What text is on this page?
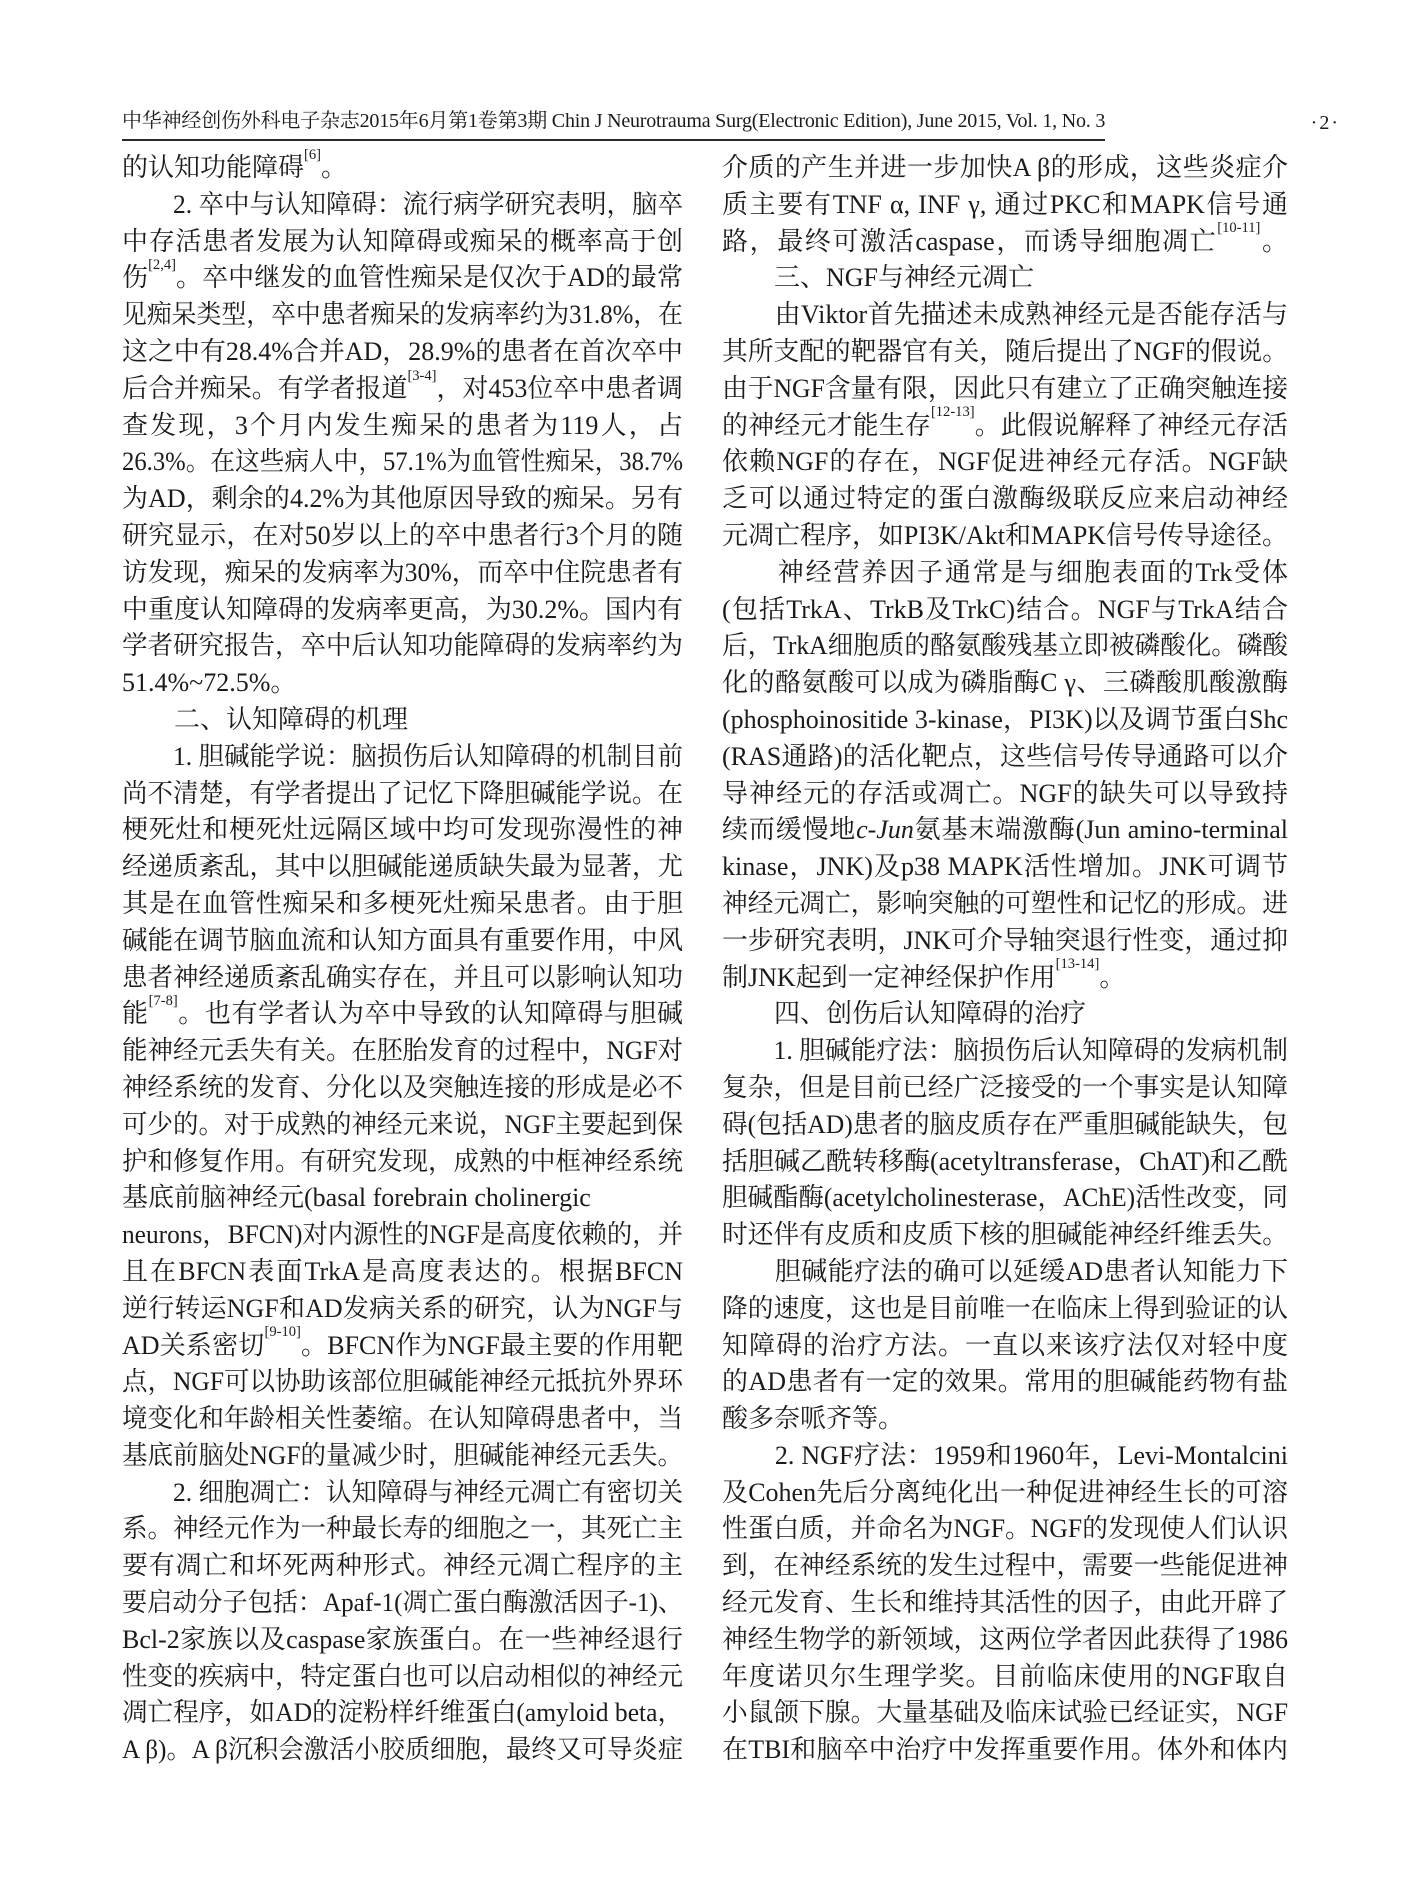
中华神经创伤外科电子杂志2015年6月第1卷第3期 Chin J Neurotrauma Surg(Electronic Edition), June 2015, Vol. 1, No. 3	·2·
的认知功能障碍[6]。
　　2. 卒中与认知障碍：流行病学研究表明，脑卒
中存活患者发展为认知障碍或痴呆的概率高于创
伤[2,4]。卒中继发的血管性痴呆是仅次于AD的最常
见痴呆类型，卒中患者痴呆的发病率约为31.8%，在
这之中有28.4%合并AD，28.9%的患者在首次卒中
后合并痴呆。有学者报道[3-4]，对453位卒中患者调
查发现，3个月内发生痴呆的患者为119人，占
26.3%。在这些病人中，57.1%为血管性痴呆，38.7%
为AD，剩余的4.2%为其他原因导致的痴呆。另有
研究显示，在对50岁以上的卒中患者行3个月的随
访发现，痴呆的发病率为30%，而卒中住院患者有
中重度认知障碍的发病率更高，为30.2%。国内有
学者研究报告，卒中后认知功能障碍的发病率约为
51.4%~72.5%。
　　二、认知障碍的机理
　　1. 胆碱能学说：脑损伤后认知障碍的机制目前
尚不清楚，有学者提出了记忆下降胆碱能学说。在
梗死灶和梗死灶远隔区域中均可发现弥漫性的神
经递质紊乱，其中以胆碱能递质缺失最为显著，尤
其是在血管性痴呆和多梗死灶痴呆患者。由于胆
碱能在调节脑血流和认知方面具有重要作用，中风
患者神经递质紊乱确实存在，并且可以影响认知功
能[7-8]。也有学者认为卒中导致的认知障碍与胆碱
能神经元丢失有关。在胚胎发育的过程中，NGF对
神经系统的发育、分化以及突触连接的形成是必不
可少的。对于成熟的神经元来说，NGF主要起到保
护和修复作用。有研究发现，成熟的中框神经系统
基底前脑神经元(basal forebrain cholinergic
neurons，BFCN)对内源性的NGF是高度依赖的，并
且在BFCN表面TrkA是高度表达的。根据BFCN
逆行转运NGF和AD发病关系的研究，认为NGF与
AD关系密切[9-10]。BFCN作为NGF最主要的作用靶
点，NGF可以协助该部位胆碱能神经元抵抗外界环
境变化和年龄相关性萎缩。在认知障碍患者中，当
基底前脑处NGF的量减少时，胆碱能神经元丢失。
　　2. 细胞凋亡：认知障碍与神经元凋亡有密切关
系。神经元作为一种最长寿的细胞之一，其死亡主
要有凋亡和坏死两种形式。神经元凋亡程序的主
要启动分子包括：Apaf-1(凋亡蛋白酶激活因子-1)、
Bcl-2家族以及caspase家族蛋白。在一些神经退行
性变的疾病中，特定蛋白也可以启动相似的神经元
凋亡程序，如AD的淀粉样纤维蛋白(amyloid beta，
A β)。A β沉积会激活小胶质细胞，最终又可导炎症
介质的产生并进一步加快A β的形成，这些炎症介
质主要有TNF α, INF γ, 通过PKC和MAPK信号通
路，最终可激活caspase，而诱导细胞凋亡[10-11]。
　　三、NGF与神经元凋亡
　　由Viktor首先描述未成熟神经元是否能存活与
其所支配的靶器官有关，随后提出了NGF的假说。
由于NGF含量有限，因此只有建立了正确突触连接
的神经元才能生存[12-13]。此假说解释了神经元存活
依赖NGF的存在，NGF促进神经元存活。NGF缺
乏可以通过特定的蛋白激酶级联反应来启动神经
元凋亡程序，如PI3K/Akt和MAPK信号传导途径。
　　神经营养因子通常是与细胞表面的Trk受体
(包括TrkA、TrkB及TrkC)结合。NGF与TrkA结合
后，TrkA细胞质的酪氨酸残基立即被磷酸化。磷酸
化的酪氨酸可以成为磷脂酶C γ、三磷酸肌酸激酶
(phosphoinositide 3-kinase，PI3K)以及调节蛋白Shc
(RAS通路)的活化靶点，这些信号传导通路可以介
导神经元的存活或凋亡。NGF的缺失可以导致持
续而缓慢地c-Jun氨基末端激酶(Jun amino-terminal
kinase，JNK)及p38 MAPK活性增加。JNK可调节
神经元凋亡，影响突触的可塑性和记忆的形成。进
一步研究表明，JNK可介导轴突退行性变，通过抑
制JNK起到一定神经保护作用[13-14]。
　　四、创伤后认知障碍的治疗
　　1. 胆碱能疗法：脑损伤后认知障碍的发病机制
复杂，但是目前已经广泛接受的一个事实是认知障
碍(包括AD)患者的脑皮质存在严重胆碱能缺失，包
括胆碱乙酰转移酶(acetyltransferase，ChAT)和乙酰
胆碱酯酶(acetylcholinesterase，AChE)活性改变，同
时还伴有皮质和皮质下核的胆碱能神经纤维丢失。
　　胆碱能疗法的确可以延缓AD患者认知能力下
降的速度，这也是目前唯一在临床上得到验证的认
知障碍的治疗方法。一直以来该疗法仅对轻中度
的AD患者有一定的效果。常用的胆碱能药物有盐
酸多奈哌齐等。
　　2. NGF疗法：1959和1960年，Levi-Montalcini
及Cohen先后分离纯化出一种促进神经生长的可溶
性蛋白质，并命名为NGF。NGF的发现使人们认识
到，在神经系统的发生过程中，需要一些能促进神
经元发育、生长和维持其活性的因子，由此开辟了
神经生物学的新领域，这两位学者因此获得了1986
年度诺贝尔生理学奖。目前临床使用的NGF取自
小鼠颌下腺。大量基础及临床试验已经证实，NGF
在TBI和脑卒中治疗中发挥重要作用。体外和体内
